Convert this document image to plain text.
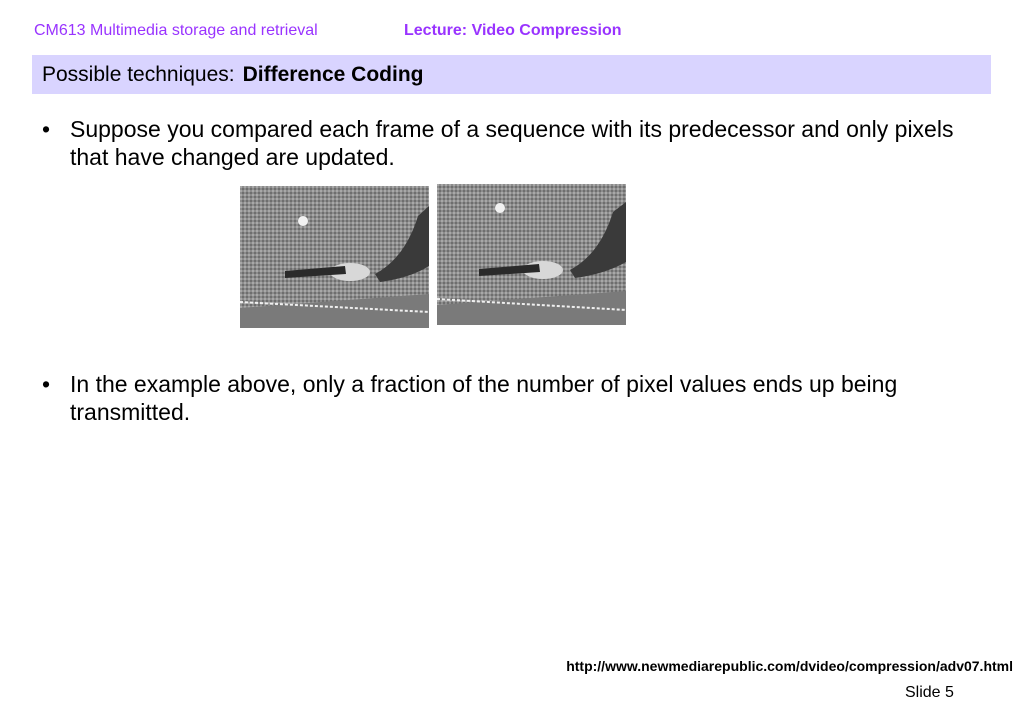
CM613 Multimedia storage and retrieval	Lecture: Video Compression
Possible techniques: Difference Coding
• Suppose you compared each frame of a sequence with its predecessor and only pixels that have changed are updated.
• In the example above, only a fraction of the number of pixel values ends up being transmitted.
http://www.newmediarepublic.com/dvideo/compression/adv07.html
Slide 5
